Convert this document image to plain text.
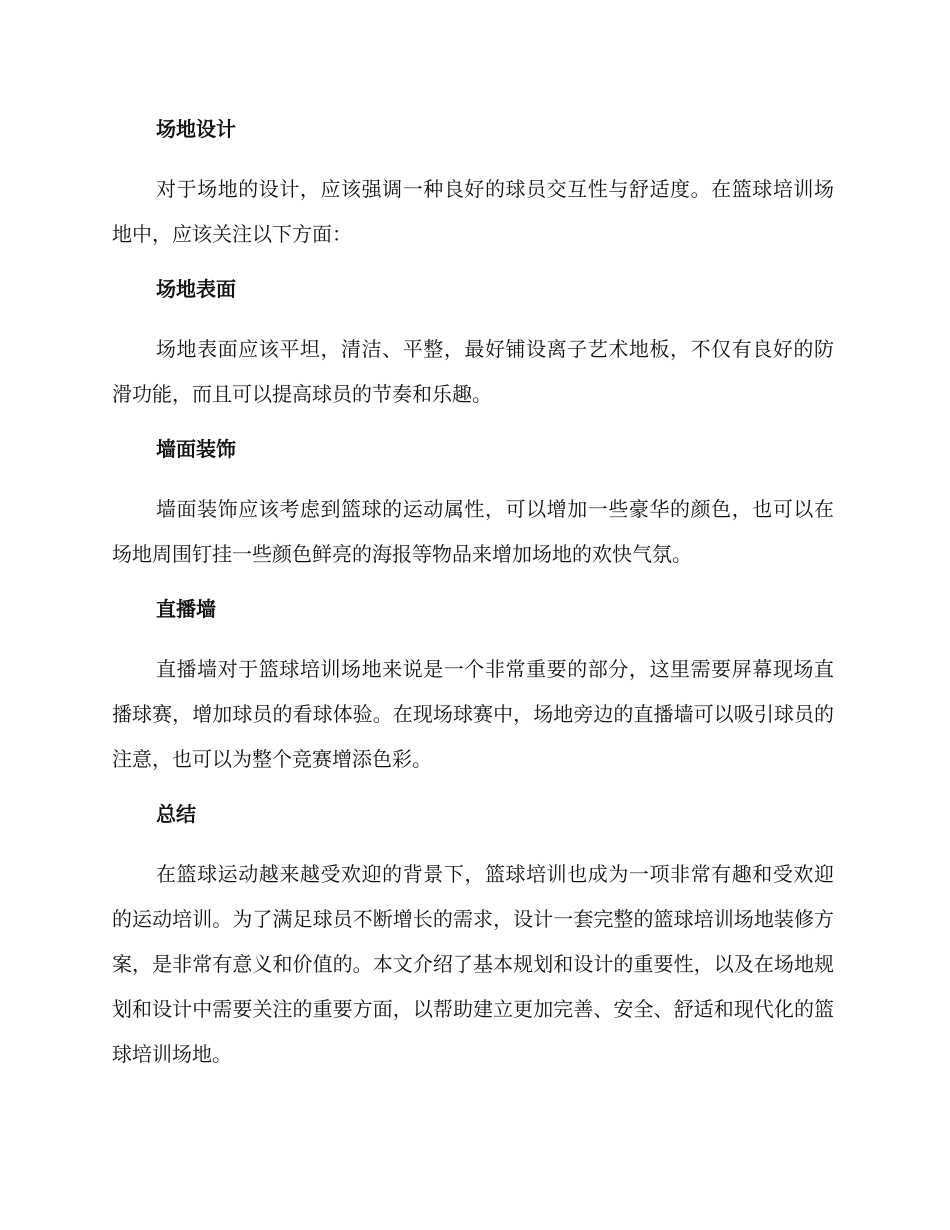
场地设计

对于场地的设计，应该强调一种良好的球员交互性与舒适度。在篮球培训场地中，应该关注以下方面：

场地表面

场地表面应该平坦，清洁、平整，最好铺设离子艺术地板，不仅有良好的防滑功能，而且可以提高球员的节奏和乐趣。

墙面装饰

墙面装饰应该考虑到篮球的运动属性，可以增加一些豪华的颜色，也可以在场地周围钉挂一些颜色鲜亮的海报等物品来增加场地的欢快气氛。

直播墙

直播墙对于篮球培训场地来说是一个非常重要的部分，这里需要屏幕现场直播球赛，增加球员的看球体验。在现场球赛中，场地旁边的直播墙可以吸引球员的注意，也可以为整个竞赛增添色彩。

总结

在篮球运动越来越受欢迎的背景下，篮球培训也成为一项非常有趣和受欢迎的运动培训。为了满足球员不断增长的需求，设计一套完整的篮球培训场地装修方案，是非常有意义和价值的。本文介绍了基本规划和设计的重要性，以及在场地规划和设计中需要关注的重要方面，以帮助建立更加完善、安全、舒适和现代化的篮球培训场地。
